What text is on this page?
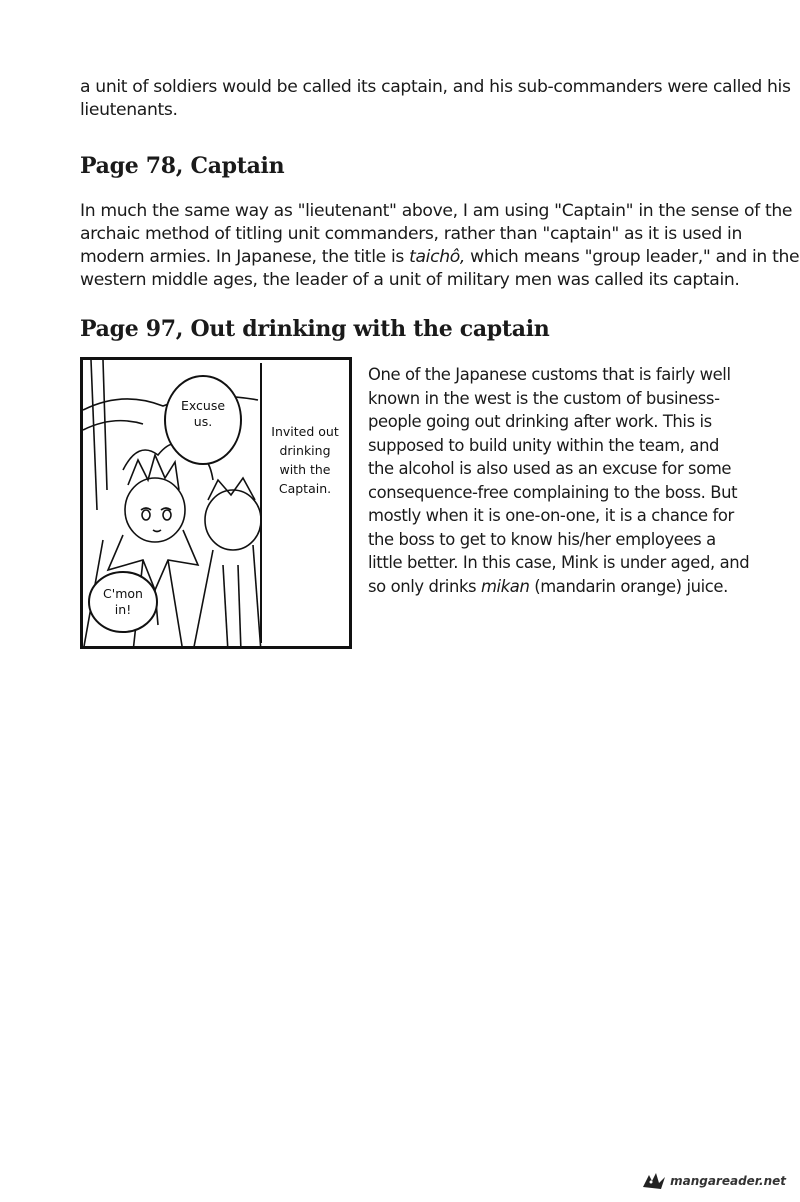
a unit of soldiers would be called its captain, and his sub-commanders were called his
lieutenants.

Page 78, Captain

In much the same way as "lieutenant" above, I am using "Captain" in the sense of the
archaic method of titling unit commanders, rather than "captain" as it is used in
modern armies. In Japanese, the title is taichô, which means "group leader," and in the
western middle ages, the leader of a unit of military men was called its captain.

Page 97, Out drinking with the captain
Excuse
us.
Invited out
drinking
with the
Captain.
C'mon
in!

One of the Japanese customs that is fairly well
known in the west is the custom of business-
people going out drinking after work. This is
supposed to build unity within the team, and
the alcohol is also used as an excuse for some
consequence-free complaining to the boss. But
mostly when it is one-on-one, it is a chance for
the boss to get to know his/her employees a
little better. In this case, Mink is under aged, and
so only drinks mikan (mandarin orange) juice.

mangareader.net
